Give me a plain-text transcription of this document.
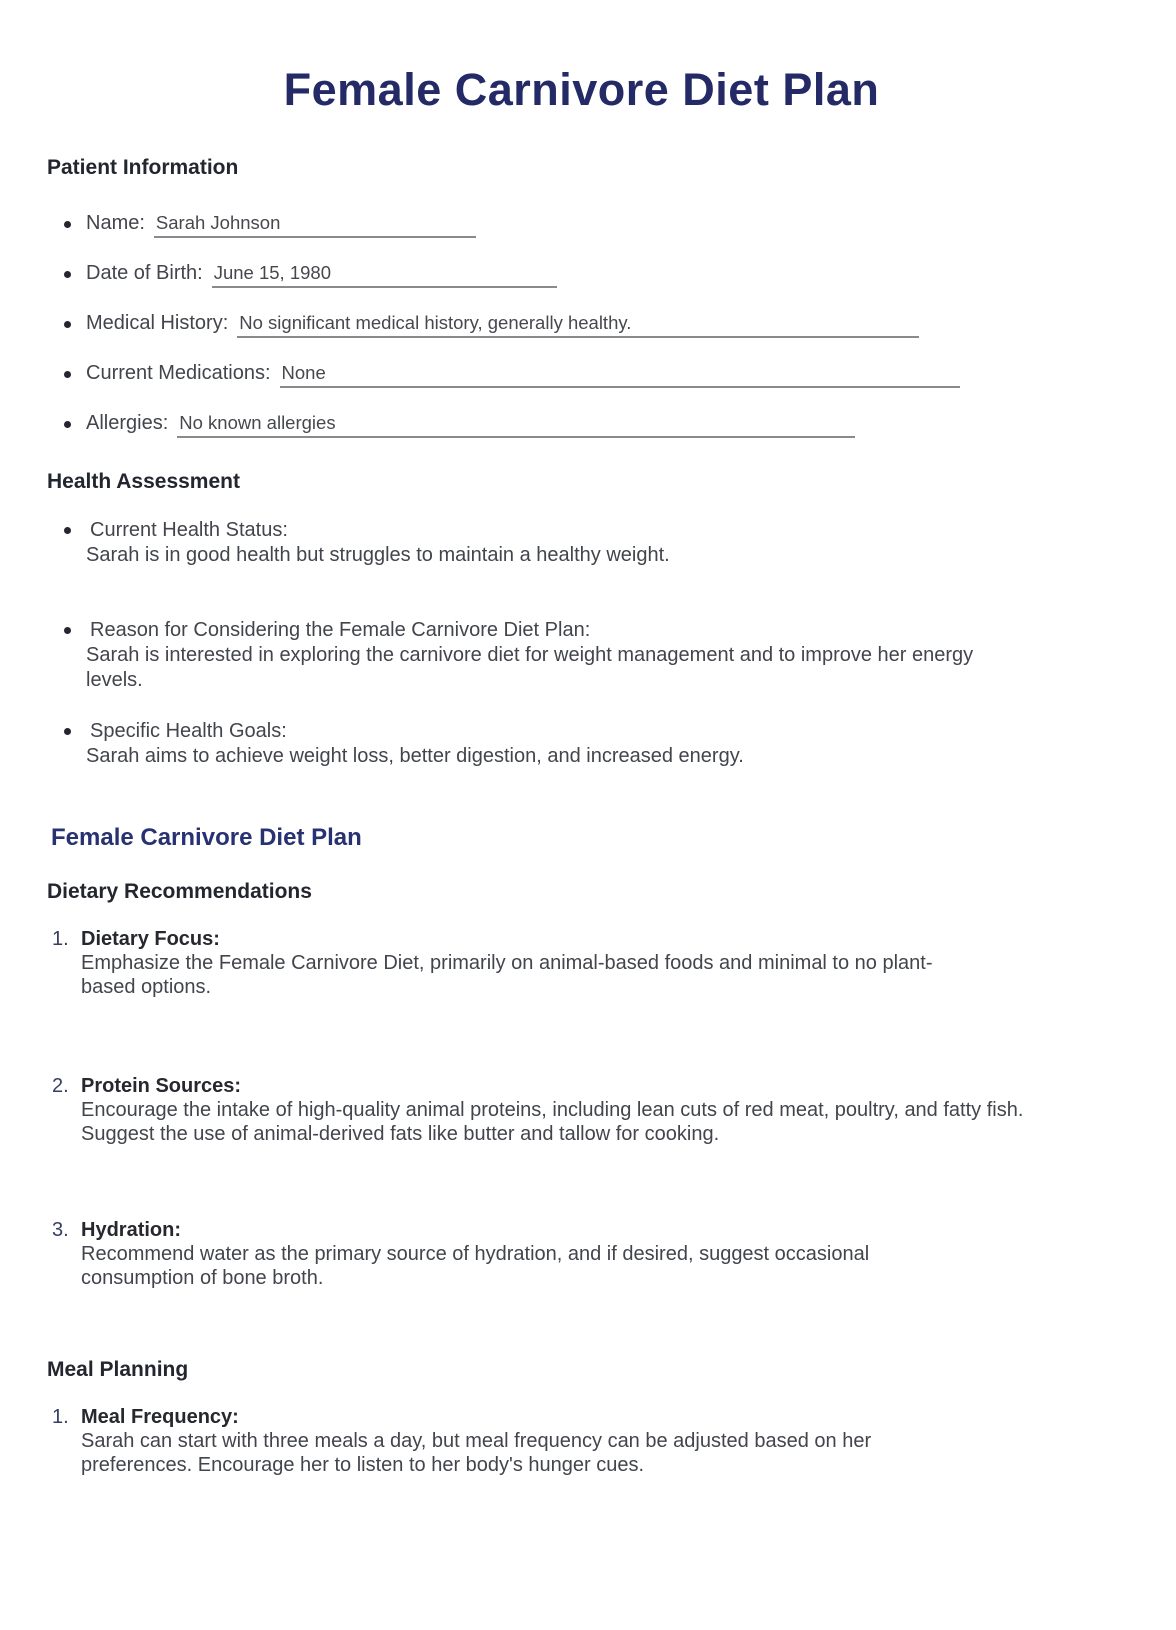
Female Carnivore Diet Plan
Patient Information
Name: Sarah Johnson
Date of Birth: June 15, 1980
Medical History: No significant medical history, generally healthy.
Current Medications: None
Allergies: No known allergies
Health Assessment
Current Health Status:
Sarah is in good health but struggles to maintain a healthy weight.
Reason for Considering the Female Carnivore Diet Plan:
Sarah is interested in exploring the carnivore diet for weight management and to improve her energy levels.
Specific Health Goals:
Sarah aims to achieve weight loss, better digestion, and increased energy.
Female Carnivore Diet Plan
Dietary Recommendations
1. Dietary Focus:
Emphasize the Female Carnivore Diet, primarily on animal-based foods and minimal to no plant-based options.
2. Protein Sources:
Encourage the intake of high-quality animal proteins, including lean cuts of red meat, poultry, and fatty fish. Suggest the use of animal-derived fats like butter and tallow for cooking.
3. Hydration:
Recommend water as the primary source of hydration, and if desired, suggest occasional consumption of bone broth.
Meal Planning
1. Meal Frequency:
Sarah can start with three meals a day, but meal frequency can be adjusted based on her preferences. Encourage her to listen to her body's hunger cues.
